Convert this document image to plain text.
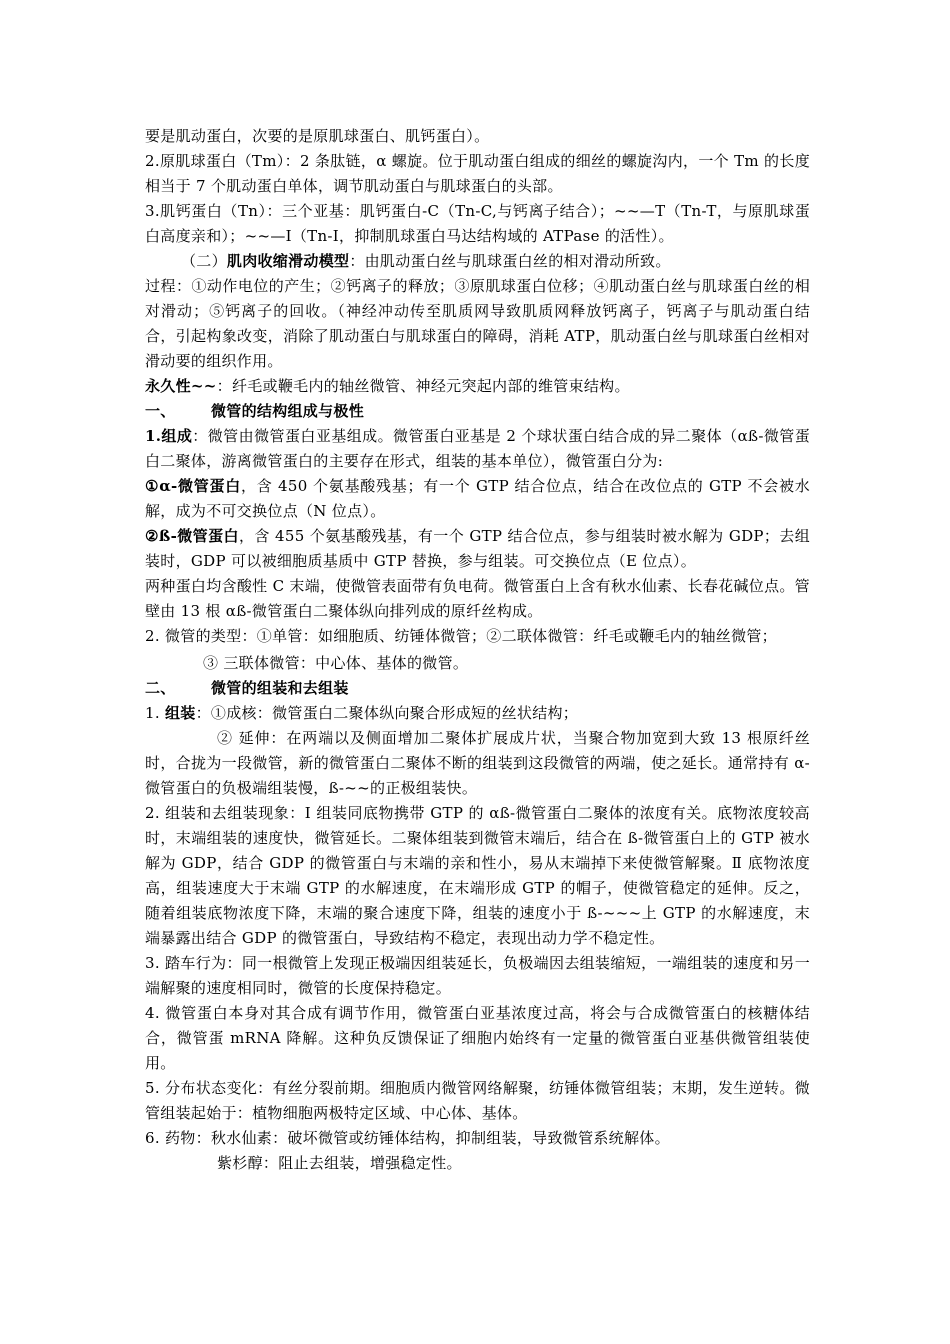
要是肌动蛋白，次要的是原肌球蛋白、肌钙蛋白）。

2.原肌球蛋白（Tm）：2 条肽链，α 螺旋。位于肌动蛋白组成的细丝的螺旋沟内，一个 Tm 的长度相当于 7 个肌动蛋白单体，调节肌动蛋白与肌球蛋白的头部。

3.肌钙蛋白（Tn）：三个亚基：肌钙蛋白-C（Tn-C,与钙离子结合）；~~—T（Tn-T，与原肌球蛋白高度亲和）；~~—I（Tn-I，抑制肌球蛋白马达结构域的 ATPase 的活性）。

（二）肌肉收缩滑动模型：由肌动蛋白丝与肌球蛋白丝的相对滑动所致。

过程：①动作电位的产生；②钙离子的释放；③原肌球蛋白位移；④肌动蛋白丝与肌球蛋白丝的相对滑动；⑤钙离子的回收。（神经冲动传至肌质网导致肌质网释放钙离子，钙离子与肌动蛋白结合，引起构象改变，消除了肌动蛋白与肌球蛋白的障碍，消耗 ATP，肌动蛋白丝与肌球蛋白丝相对滑动要的组织作用。

永久性~~：纤毛或鞭毛内的轴丝微管、神经元突起内部的维管束结构。

一、 微管的结构组成与极性

1.组成：微管由微管蛋白亚基组成。微管蛋白亚基是 2 个球状蛋白结合成的异二聚体（αß-微管蛋白二聚体，游离微管蛋白的主要存在形式，组装的基本单位），微管蛋白分为:

①α-微管蛋白，含 450 个氨基酸残基；有一个 GTP 结合位点，结合在改位点的 GTP 不会被水解，成为不可交换位点（N 位点）。

②ß-微管蛋白，含 455 个氨基酸残基，有一个 GTP 结合位点，参与组装时被水解为 GDP；去组装时，GDP 可以被细胞质基质中 GTP 替换，参与组装。可交换位点（E 位点）。

两种蛋白均含酸性 C 末端，使微管表面带有负电荷。微管蛋白上含有秋水仙素、长春花碱位点。管壁由 13 根 αß-微管蛋白二聚体纵向排列成的原纤丝构成。

2. 微管的类型：①单管：如细胞质、纺锤体微管；②二联体微管：纤毛或鞭毛内的轴丝微管；

③ 三联体微管：中心体、基体的微管。

二、 微管的组装和去组装

1. 组装：①成核：微管蛋白二聚体纵向聚合形成短的丝状结构；

② 延伸：在两端以及侧面增加二聚体扩展成片状，当聚合物加宽到大致 13 根原纤丝时，合拢为一段微管，新的微管蛋白二聚体不断的组装到这段微管的两端，使之延长。通常持有 α-微管蛋白的负极端组装慢，ß-~~的正极组装快。

2. 组装和去组装现象：Ⅰ 组装同底物携带 GTP 的 αß-微管蛋白二聚体的浓度有关。底物浓度较高时，末端组装的速度快，微管延长。二聚体组装到微管末端后，结合在 ß-微管蛋白上的 GTP 被水解为 GDP，结合 GDP 的微管蛋白与末端的亲和性小，易从末端掉下来使微管解聚。Ⅱ 底物浓度高，组装速度大于末端 GTP 的水解速度，在末端形成 GTP 的帽子，使微管稳定的延伸。反之，随着组装底物浓度下降，末端的聚合速度下降，组装的速度小于 ß-~~~上 GTP 的水解速度，末端暴露出结合 GDP 的微管蛋白，导致结构不稳定，表现出动力学不稳定性。

3. 踏车行为：同一根微管上发现正极端因组装延长，负极端因去组装缩短，一端组装的速度和另一端解聚的速度相同时，微管的长度保持稳定。

4. 微管蛋白本身对其合成有调节作用，微管蛋白亚基浓度过高，将会与合成微管蛋白的核糖体结合，微管蛋 mRNA 降解。这种负反馈保证了细胞内始终有一定量的微管蛋白亚基供微管组装使用。

5. 分布状态变化：有丝分裂前期。细胞质内微管网络解聚，纺锤体微管组装；末期，发生逆转。微管组装起始于：植物细胞两极特定区域、中心体、基体。

6. 药物：秋水仙素：破坏微管或纺锤体结构，抑制组装，导致微管系统解体。

紫杉醇：阻止去组装，增强稳定性。
